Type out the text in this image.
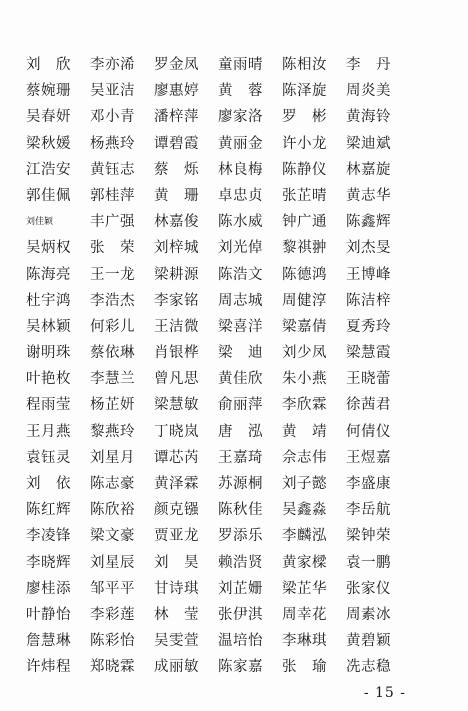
刘　欣	李亦浠	罗金凤	童雨晴	陈相汝	李　丹
蔡婉珊	吴亚洁	廖惠婷	黄　蓉	陈泽旋	周炎美
吴春妍	邓小青	潘梓萍	廖家洛	罗　彬	黄海铃
梁秋媛	杨燕玲	谭碧霞	黄丽金	许小龙	梁迪斌
江浩安	黄钰志	蔡　烁	林良梅	陈静仪	林嘉旋
郭佳佩	郭桂萍	黄　珊	卓忠贞	张芷晴	黄志华
刘佳颖	丰广强	林嘉俊	陈水威	钟广通	陈鑫辉
吴炳权	张　荣	刘梓城	刘光倬	黎祺翀	刘杰旻
陈海亮	王一龙	梁耕源	陈浩文	陈德鸿	王博峰
杜宇鸿	李浩杰	李家铭	周志城	周健淳	陈洁梓
吴林颖	何彩儿	王洁微	梁喜洋	梁嘉倩	夏秀玲
谢明珠	蔡依琳	肖银桦	梁　迪	刘少凤	梁慧霞
叶艳枚	李慧兰	曾凡思	黄佳欣	朱小燕	王晓蕾
程雨莹	杨芷妍	梁慧敏	俞丽萍	李欣霖	徐茜君
王月燕	黎燕玲	丁晓岚	唐　泓	黄　靖	何倩仪
袁钰灵	刘星月	谭芯芮	王嘉琦	佘志伟	王煜嘉
刘　依	陈志豪	黄泽霖	苏源桐	刘子懿	李盛康
陈红辉	陈欣裕	颜克镪	陈秋佳	吴鑫淼	李岳航
李凌锋	梁文豪	贾亚龙	罗添乐	李麟泓	梁钟荣
李晓辉	刘星辰	刘　昊	赖浩贤	黄家樑	袁一鹏
廖桂添	邹平平	甘诗琪	刘芷姗	梁芷华	张家仪
叶静怡	李彩莲	林　莹	张伊淇	周幸花	周素冰
詹慧琳	陈彩怡	吴雯萱	温培怡	李琳琪	黄碧颖
许炜程	郑晓霖	成丽敏	陈家嘉	张　瑜	冼志稳
- 15 -
